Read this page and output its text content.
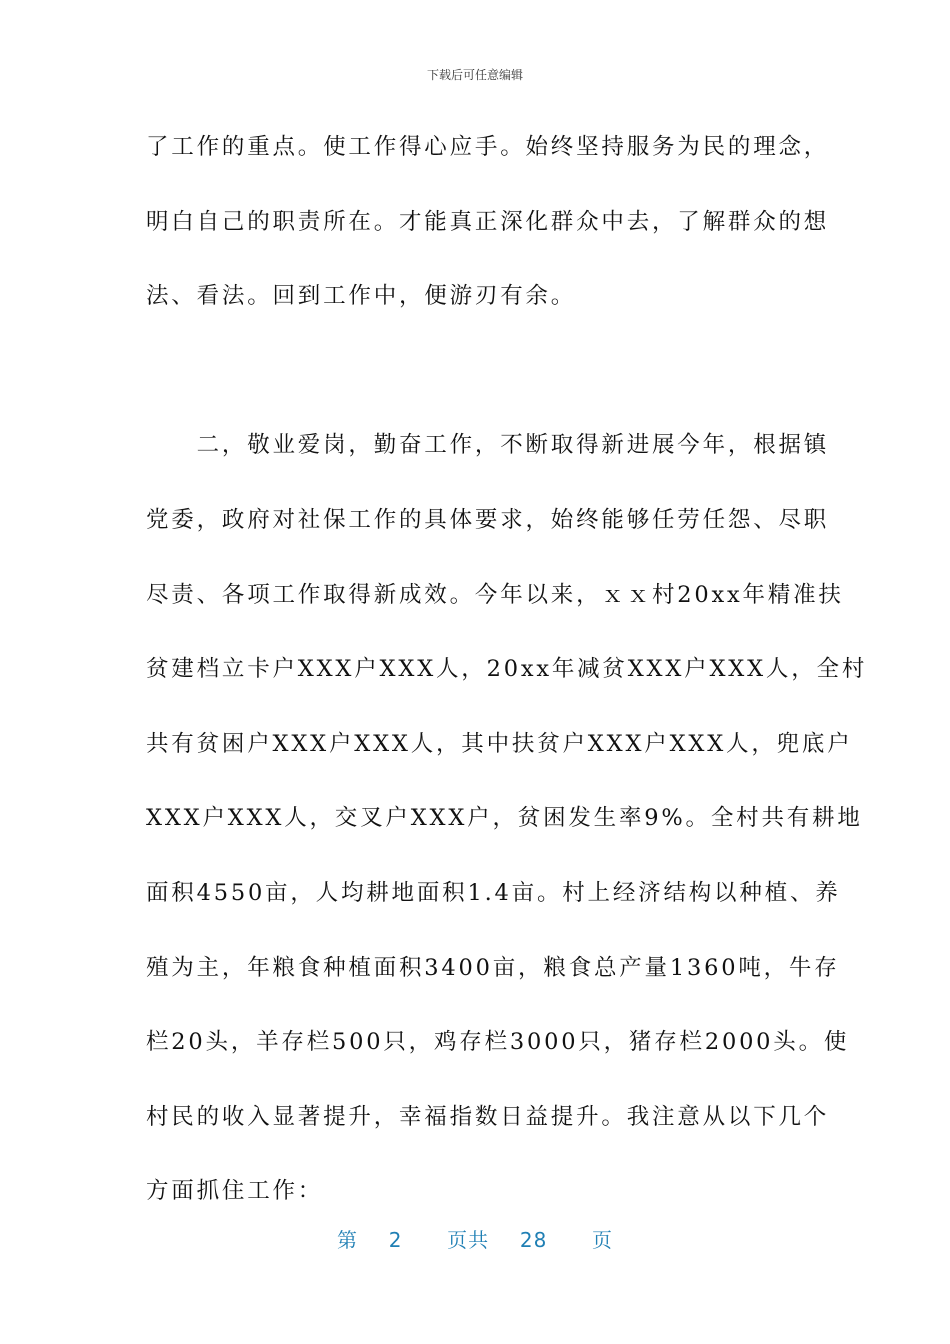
下载后可任意编辑
了工作的重点。使工作得心应手。始终坚持服务为民的理念，
明白自己的职责所在。才能真正深化群众中去，了解群众的想
法、看法。回到工作中，便游刃有余。
　　二，敬业爱岗，勤奋工作，不断取得新进展今年，根据镇
党委，政府对社保工作的具体要求，始终能够任劳任怨、尽职
尽责、各项工作取得新成效。今年以来，ｘｘ村20xx年精准扶
贫建档立卡户XXX户XXX人，20xx年减贫XXX户XXX人，全村
共有贫困户XXX户XXX人，其中扶贫户XXX户XXX人，兜底户
XXX户XXX人，交叉户XXX户，贫困发生率9%。全村共有耕地
面积4550亩，人均耕地面积1.4亩。村上经济结构以种植、养
殖为主，年粮食种植面积3400亩，粮食总产量1360吨，牛存
栏20头，羊存栏500只，鸡存栏3000只，猪存栏2000头。使
村民的收入显著提升，幸福指数日益提升。我注意从以下几个
方面抓住工作：
第 2 页共 28 页
